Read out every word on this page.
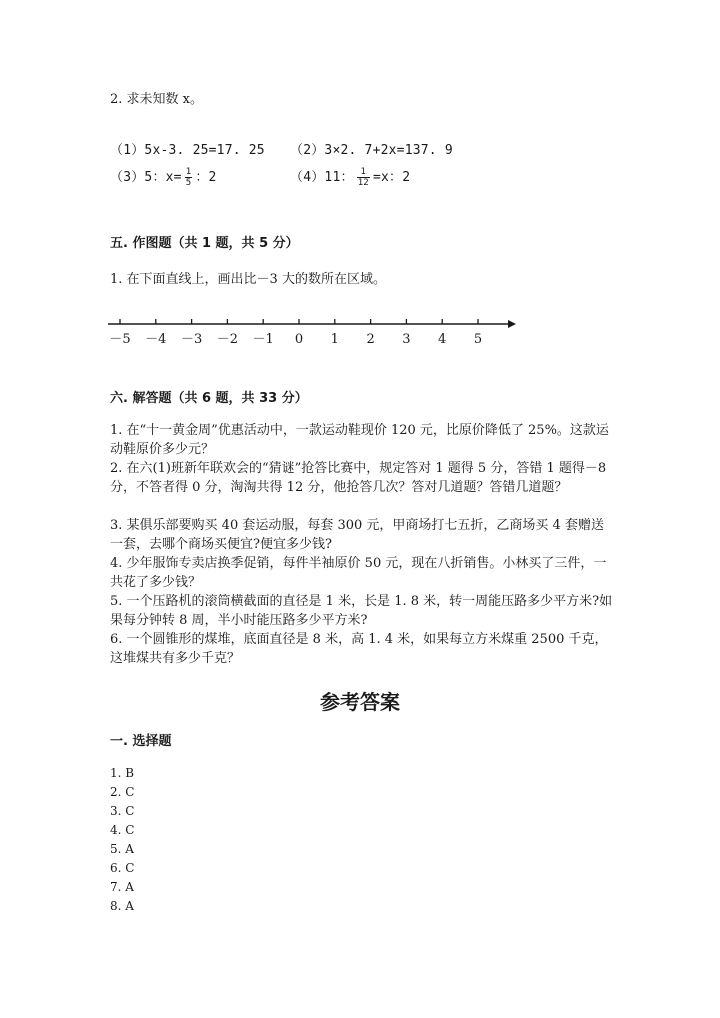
2. 求未知数 x。
（1）5x-3. 25=17. 25 （2）3×2. 7+2x=137. 9
（3）5：$x= \frac{1}{5}$ ：2	（4）11： $\frac{1}{12} =x$：2
五. 作图题（共 1 题，共 5 分）
1. 在下面直线上，画出比－3 大的数所在区域。
－5 －4 －3 －2 －1 0 1 2 3 4 5
六. 解答题（共 6 题，共 33 分）
1. 在“十一黄金周”优惠活动中，一款运动鞋现价 120 元，比原价降低了 25%。这款运动鞋原价多少元？
2. 在六(1)班新年联欢会的“猜谜”抢答比赛中，规定答对 1 题得 5 分，答错 1 题得－8 分，不答者得 0 分，淘淘共得 12 分，他抢答几次？答对几道题？答错几道题？
3. 某俱乐部要购买 40 套运动服，每套 300 元，甲商场打七五折，乙商场买 4 套赠送一套，去哪个商场买便宜?便宜多少钱?
4. 少年服饰专卖店换季促销，每件半袖原价 50 元，现在八折销售。小林买了三件，一共花了多少钱？
5. 一个压路机的滚筒横截面的直径是 1 米，长是 1. 8 米，转一周能压路多少平方米?如果每分钟转 8 周，半小时能压路多少平方米?
6. 一个圆锥形的煤堆，底面直径是 8 米，高 1. 4 米，如果每立方米煤重 2500 千克，这堆煤共有多少千克？
参考答案
一. 选择题
1. B
2. C
3. C
4. C
5. A
6. C
7. A
8. A
